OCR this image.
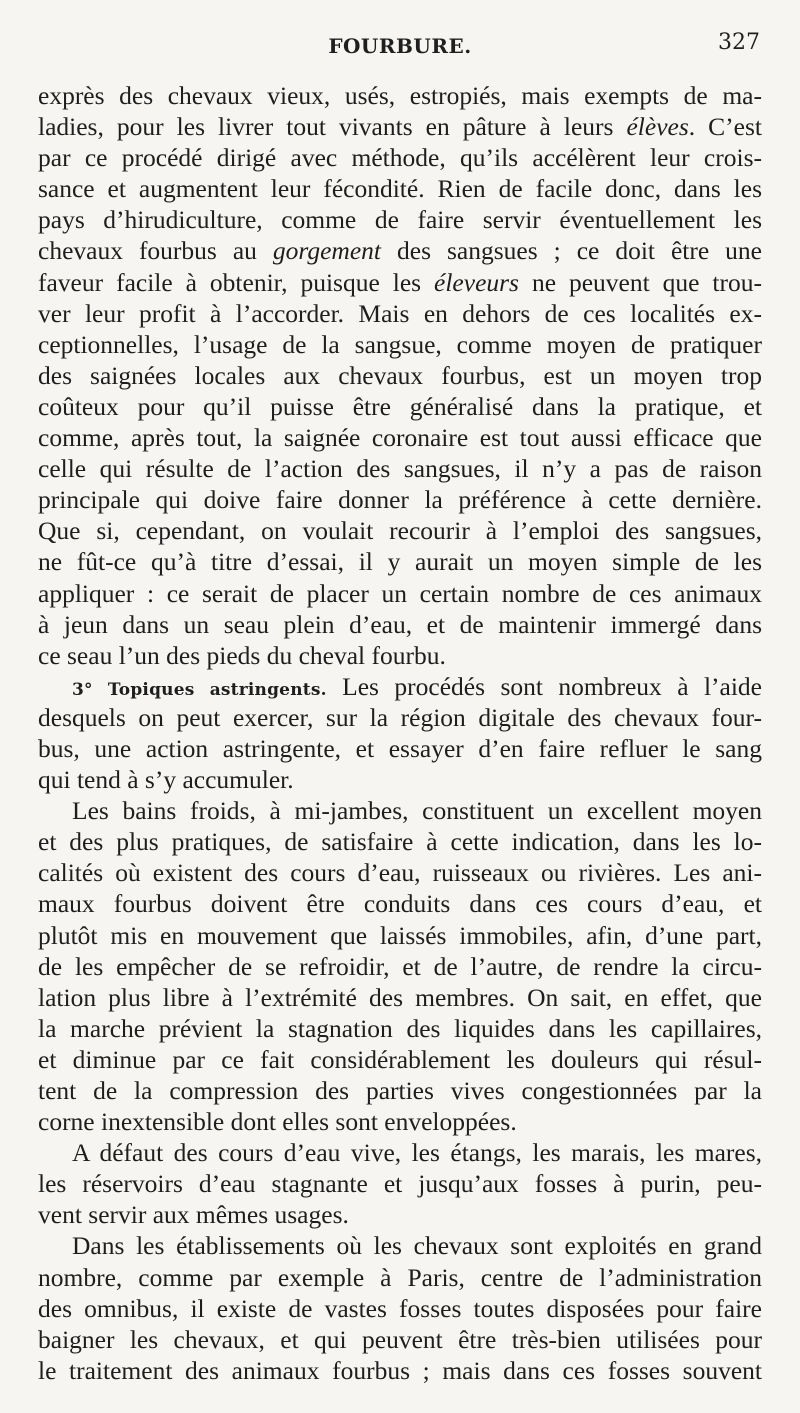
FOURBURE.	327
exprès des chevaux vieux, usés, estropiés, mais exempts de ma-
ladies, pour les livrer tout vivants en pâture à leurs élèves. C’est
par ce procédé dirigé avec méthode, qu’ils accélèrent leur crois-
sance et augmentent leur fécondité. Rien de facile donc, dans les
pays d’hirudiculture, comme de faire servir éventuellement les
chevaux fourbus au gorgement des sangsues ; ce doit être une
faveur facile à obtenir, puisque les éleveurs ne peuvent que trou-
ver leur profit à l’accorder. Mais en dehors de ces localités ex-
ceptionnelles, l’usage de la sangsue, comme moyen de pratiquer
des saignées locales aux chevaux fourbus, est un moyen trop
coûteux pour qu’il puisse être généralisé dans la pratique, et
comme, après tout, la saignée coronaire est tout aussi efficace que
celle qui résulte de l’action des sangsues, il n’y a pas de raison
principale qui doive faire donner la préférence à cette dernière.
Que si, cependant, on voulait recourir à l’emploi des sangsues,
ne fût-ce qu’à titre d’essai, il y aurait un moyen simple de les
appliquer : ce serait de placer un certain nombre de ces animaux
à jeun dans un seau plein d’eau, et de maintenir immergé dans
ce seau l’un des pieds du cheval fourbu.
3° Topiques astringents. Les procédés sont nombreux à l’aide
desquels on peut exercer, sur la région digitale des chevaux four-
bus, une action astringente, et essayer d’en faire refluer le sang
qui tend à s’y accumuler.
Les bains froids, à mi-jambes, constituent un excellent moyen
et des plus pratiques, de satisfaire à cette indication, dans les lo-
calités où existent des cours d’eau, ruisseaux ou rivières. Les ani-
maux fourbus doivent être conduits dans ces cours d’eau, et
plutôt mis en mouvement que laissés immobiles, afin, d’une part,
de les empêcher de se refroidir, et de l’autre, de rendre la circu-
lation plus libre à l’extrémité des membres. On sait, en effet, que
la marche prévient la stagnation des liquides dans les capillaires,
et diminue par ce fait considérablement les douleurs qui résul-
tent de la compression des parties vives congestionnées par la
corne inextensible dont elles sont enveloppées.
A défaut des cours d’eau vive, les étangs, les marais, les mares,
les réservoirs d’eau stagnante et jusqu’aux fosses à purin, peu-
vent servir aux mêmes usages.
Dans les établissements où les chevaux sont exploités en grand
nombre, comme par exemple à Paris, centre de l’administration
des omnibus, il existe de vastes fosses toutes disposées pour faire
baigner les chevaux, et qui peuvent être très-bien utilisées pour
le traitement des animaux fourbus ; mais dans ces fosses souvent
